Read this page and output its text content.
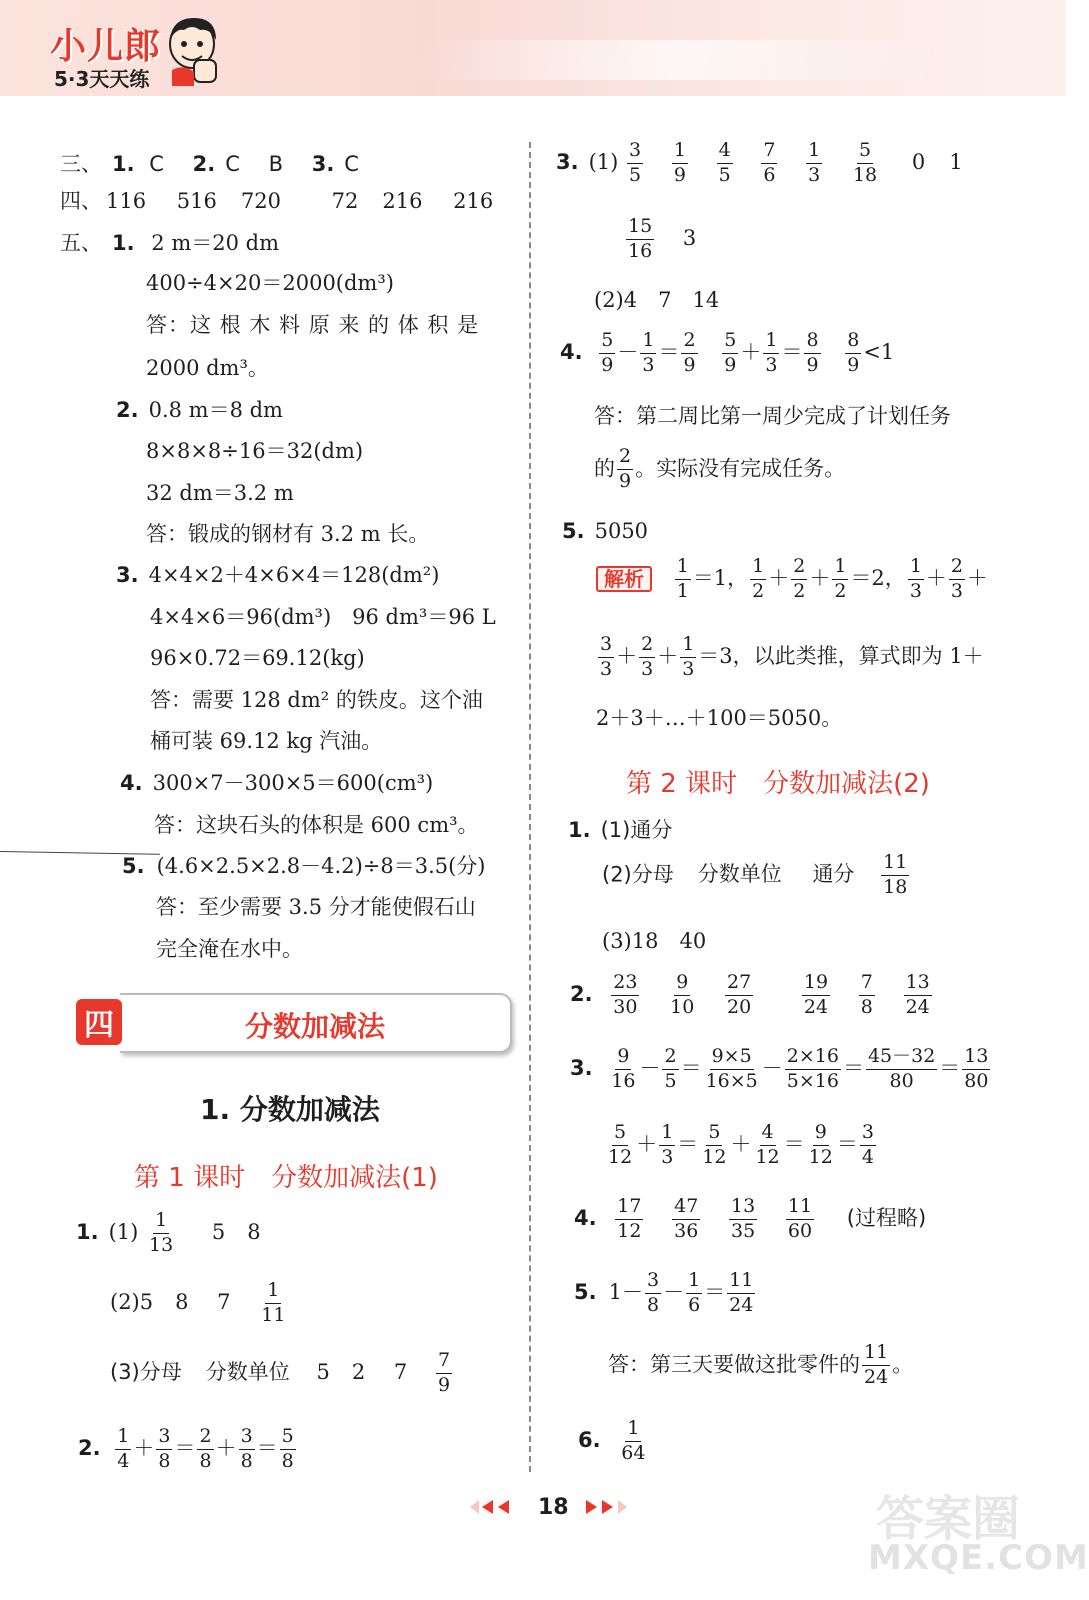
小儿郎
5·3天天练
三、 1. C 2. C B 3. C
四、 116 516 720 72 216 216
五、 1. 2 m＝20 dm
400÷4×20＝2000(dm³)
答：这 根 木 料 原 来 的 体 积 是
2000 dm³。
2. 0.8 m＝8 dm
8×8×8÷16＝32(dm)
32 dm＝3.2 m
答：锻成的钢材有 3.2 m 长。
3. 4×4×2＋4×6×4＝128(dm²)
4×4×6＝96(dm³)　96 dm³＝96 L
96×0.72＝69.12(kg)
答：需要 128 dm² 的铁皮。这个油
桶可装 69.12 kg 汽油。
4. 300×7－300×5＝600(cm³)
答：这块石头的体积是 600 cm³。
5. (4.6×2.5×2.8－4.2)÷8＝3.5(分)
答：至少需要 3.5 分才能使假石山
完全淹在水中。
四	分数加减法
1. 分数加减法
第 1 课时　分数加减法(1)
1. $(1) \frac{1}{13} 5$ 8
(2)5 8 $7 \frac{1}{11}$
(3)分母 分数单位 5 2 $7 \frac{7}{9}$
2. $\frac{1}{4} + \frac{3}{8} = \frac{2}{8} + \frac{3}{8} = \frac{5}{8}$
3. $(1) \frac{3}{5}$
$\frac{1}{9}$
$\frac{4}{5}$
$\frac{7}{6}$
$\frac{1}{3}$
$\frac{5}{18} 0$ 1
$\frac{15}{16} 3$
(2)4　7　14
4. $\frac{5}{9} - \frac{1}{3} = \frac{2}{9}$
$\frac{5}{9} + \frac{1}{3} = \frac{8}{9}$
$\frac{8}{9} <1$
答：第二周比第一周少完成了计划任务
的 $\frac{2}{9}$ 。实际没有完成任务。
5. 5050
解析 $\frac{1}{1} =1$， $\frac{1}{2} + \frac{2}{2} + \frac{1}{2} =2$， $\frac{1}{3} + \frac{2}{3}$ ＋
$\frac{3}{3} + \frac{2}{3} + \frac{1}{3} =3$，以此类推，算式即为 1＋
2＋3＋…＋100＝5050。
第 2 课时　分数加减法(2)
1. (1)通分
(2)分母 分数单位 通分 $\frac{11}{18}$
(3)18　40
2. $\frac{23}{30}$
$\frac{9}{10}$
$\frac{27}{20}$
	$\frac{19}{24}$
$\frac{7}{8}$
$\frac{13}{24}$
3. $\frac{9}{16} - \frac{2}{5} = \frac{9\times 5}{16\times 5} - \frac{2\times 16}{5\times 16} = \frac{45-32}{80} = \frac{13}{80}$
$\frac{5}{12} + \frac{1}{3} = \frac{5}{12} + \frac{4}{12} = \frac{9}{12} = \frac{3}{4}$
4. $\frac{17}{12}$
$\frac{47}{36}$
$\frac{13}{35}$
$\frac{11}{60}$ (过程略)
5. $1- \frac{3}{8} - \frac{1}{6} = \frac{11}{24}$
答：第三天要做这批零件的 $\frac{11}{24}$ 。
6. $\frac{1}{64}$
18	答案圈
MXQE.COM
